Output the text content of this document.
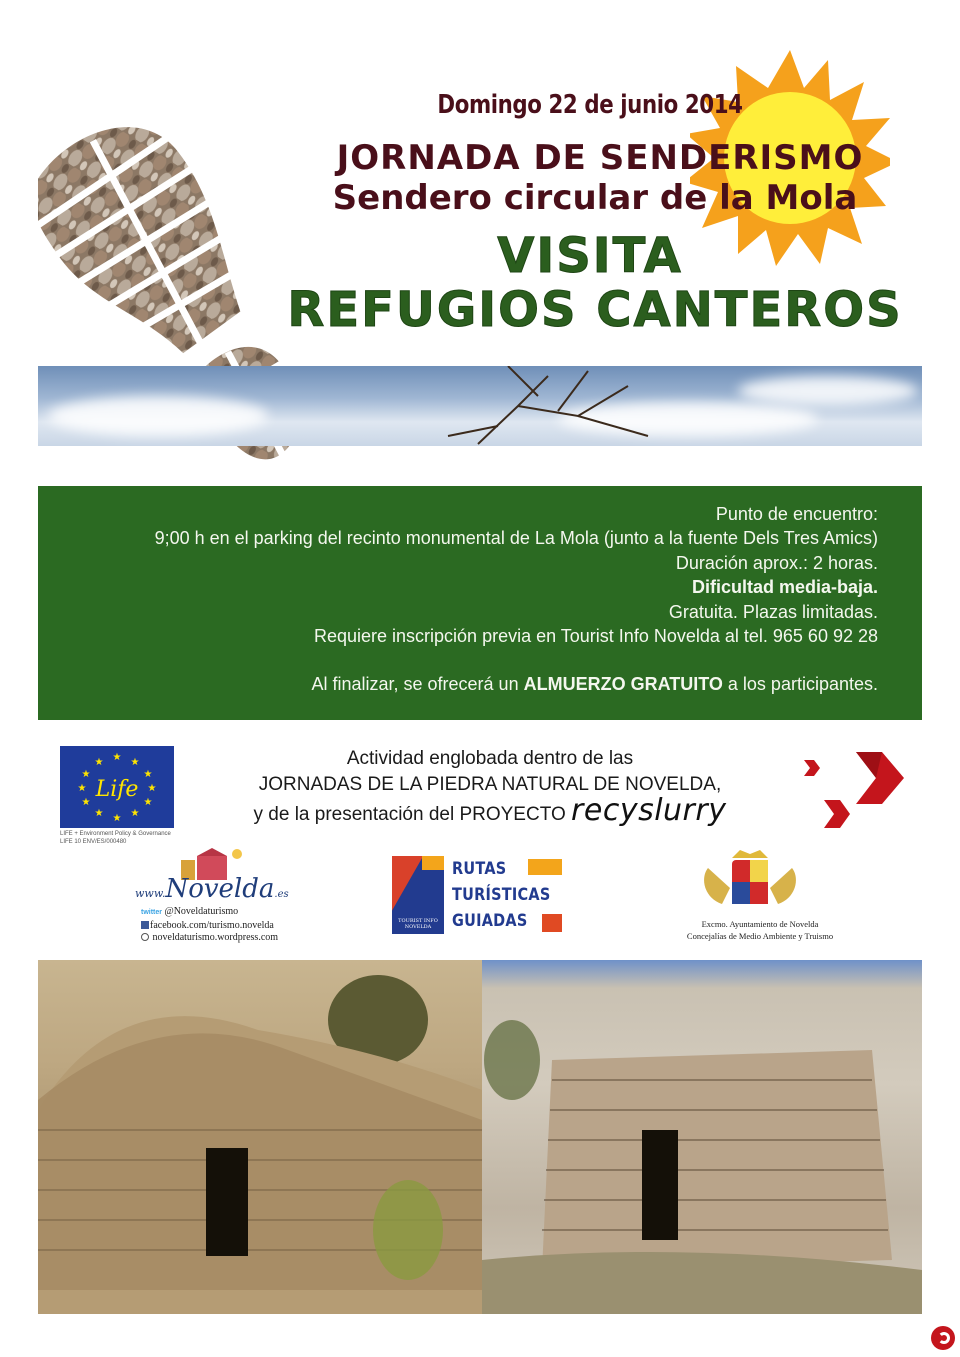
Domingo 22 de junio 2014
JORNADA DE SENDERISMO
Sendero circular de la Mola
VISITA
REFUGIOS CANTEROS
Punto de encuentro:
9;00 h en el parking del recinto monumental de La Mola (junto a la fuente Dels Tres Amics)
Duración aprox.: 2 horas.
Dificultad media-baja.
Gratuita. Plazas limitadas.
Requiere inscripción previa en Tourist Info Novelda al tel. 965 60 92 28
Al finalizar, se ofrecerá un ALMUERZO GRATUITO a los participantes.
★ ★
★
★
★
★
★
★
★
★
★
★
Life
LIFE + Environment Policy & Governance
LIFE 10 ENV/ES/000480
Actividad englobada dentro de las
JORNADAS DE LA PIEDRA NATURAL DE NOVELDA,
y de la presentación del PROYECTO recyslurry
www.Novelda.es
twitter @Noveldaturismo
facebook.com/turismo.novelda
noveldaturismo.wordpress.com
TOURIST INFO NOVELDA
RUTAS
TURÍSTICAS
GUIADAS	Excmo. Ayuntamiento de Novelda
Concejalías de Medio Ambiente y Truismo
